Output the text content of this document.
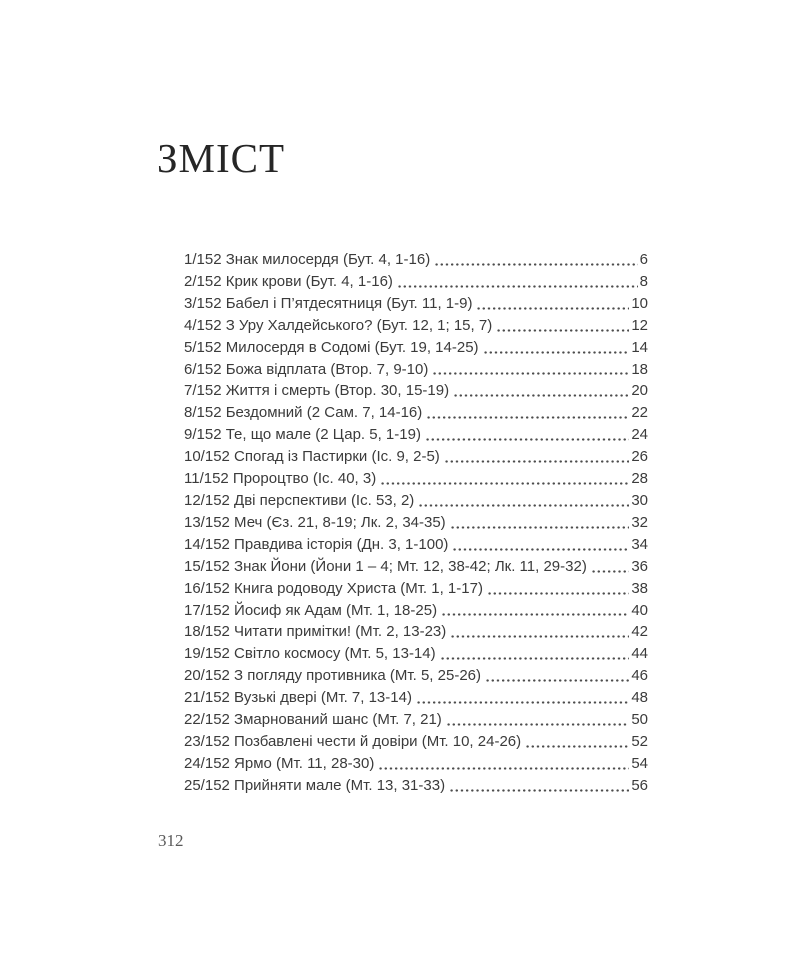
ЗМІСТ
1/152 Знак милосердя (Бут. 4, 1-16)	6
2/152 Крик крови (Бут. 4, 1-16)	8
3/152 Бабел і П’ятдесятниця (Бут. 11, 1-9)	10
4/152 З Уру Халдейського? (Бут. 12, 1; 15, 7)	12
5/152 Милосердя в Содомі (Бут. 19, 14-25)	14
6/152 Божа відплата (Втор. 7, 9-10)	18
7/152 Життя і смерть (Втор. 30, 15-19)	20
8/152 Бездомний (2 Сам. 7, 14-16)	22
9/152 Те, що мале (2 Цар. 5, 1-19)	24
10/152 Спогад із Пастирки (Іс. 9, 2-5)	26
11/152 Пророцтво (Іс. 40, 3)	28
12/152 Дві перспективи (Іс. 53, 2)	30
13/152 Меч (Єз. 21, 8-19; Лк. 2, 34-35)	32
14/152 Правдива історія (Дн. 3, 1-100)	34
15/152 Знак Йони (Йони 1 – 4; Мт. 12, 38-42; Лк. 11, 29-32)	36
16/152 Книга родоводу Христа (Мт. 1, 1-17)	38
17/152 Йосиф як Адам (Мт. 1, 18-25)	40
18/152 Читати примітки! (Мт. 2, 13-23)	42
19/152 Світло космосу (Мт. 5, 13-14)	44
20/152 З погляду противника (Мт. 5, 25-26)	46
21/152 Вузькі двері (Мт. 7, 13-14)	48
22/152 Змарнований шанс (Мт. 7, 21)	50
23/152 Позбавлені чести й довіри (Мт. 10, 24-26)	52
24/152 Ярмо (Мт. 11, 28-30)	54
25/152 Прийняти мале (Мт. 13, 31-33)	56
312
